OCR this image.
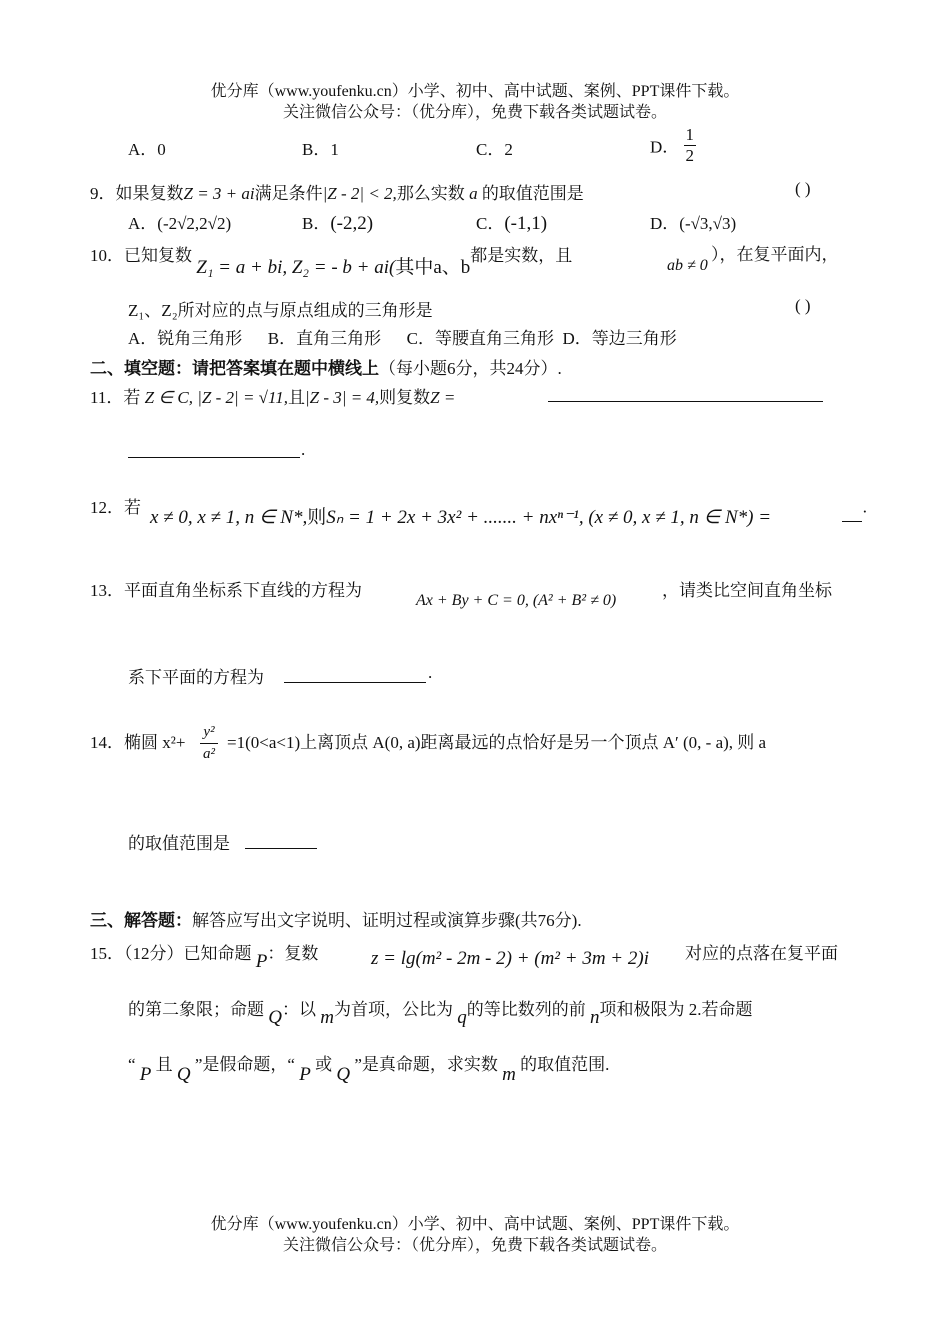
优分库（www.youfenku.cn）小学、初中、高中试题、案例、PPT课件下载。
关注微信公众号：（优分库），免费下载各类试题试卷。
A．0	B．1	C．2	D． $\frac{1}{2}$
9．如果复数Z = 3 + ai满足条件|Z - 2| < 2,那么实数 a 的取值范围是	( )
A．(-2√2,2√2)	B．(-2,2)	C．(-1,1)	D．(-√3,√3)
10．已知复数 Z₁ = a + bi, Z₂ = - b + ai(其中a、b都是实数，且
ab ≠ 0
），在复平面内，
Z₁、Z₂所对应的点与原点组成的三角形是	( )
A．锐角三角形      B．直角三角形      C．等腰直角三角形  D．等边三角形
二、填空题：请把答案填在题中横线上（每小题6分，共24分）.
11．若 Z ∈ C, |Z - 2| = √11,且|Z - 3| = 4,则复数Z =
.
12．若 x ≠ 0, x ≠ 1, n ∈ N*,则Sₙ = 1 + 2x + 3x² + ....... + nxⁿ⁻¹, (x ≠ 0, x ≠ 1, n ∈ N*) =	·
13．平面直角坐标系下直线的方程为
Ax + By + C = 0, (A² + B² ≠ 0)
，请类比空间直角坐标
系下平面的方程为	.
14．椭圆 $x^2+ \frac{\text{y²}}{\text{a²}} =1(0<a<1)$上离顶点 A(0, a)距离最远的点恰好是另一个顶点 A′ (0, - a), 则 a
的取值范围是
三、解答题：解答应写出文字说明、证明过程或演算步骤(共76分).
15．（12分）已知命题 P：复数	z = lg(m² - 2m - 2) + (m² + 3m + 2)i 对应的点落在复平面
的第二象限；命题 Q：以 m为首项，公比为 q的等比数列的前 n项和极限为 2.若命题
“ P 且 Q ”是假命题，“ P 或 Q ”是真命题，求实数 m 的取值范围.
优分库（www.youfenku.cn）小学、初中、高中试题、案例、PPT课件下载。
关注微信公众号：（优分库），免费下载各类试题试卷。
